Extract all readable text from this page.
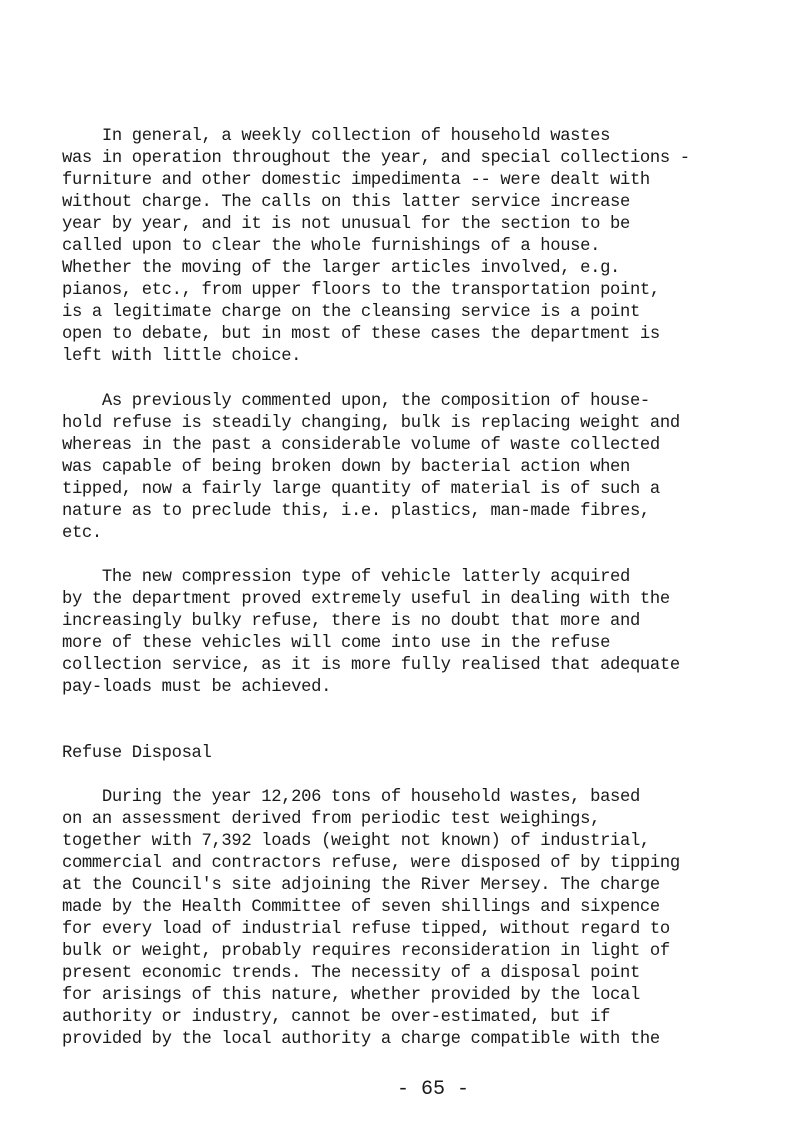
In general, a weekly collection of household wastes
was in operation throughout the year, and special collections -
furniture and other domestic impedimenta -- were dealt with
without charge. The calls on this latter service increase
year by year, and it is not unusual for the section to be
called upon to clear the whole furnishings of a house.
Whether the moving of the larger articles involved, e.g.
pianos, etc., from upper floors to the transportation point,
is a legitimate charge on the cleansing service is a point
open to debate, but in most of these cases the department is
left with little choice.
As previously commented upon, the composition of house-
hold refuse is steadily changing, bulk is replacing weight and
whereas in the past a considerable volume of waste collected
was capable of being broken down by bacterial action when
tipped, now a fairly large quantity of material is of such a
nature as to preclude this, i.e. plastics, man-made fibres,
etc.
The new compression type of vehicle latterly acquired
by the department proved extremely useful in dealing with the
increasingly bulky refuse, there is no doubt that more and
more of these vehicles will come into use in the refuse
collection service, as it is more fully realised that adequate
pay-loads must be achieved.
Refuse Disposal
During the year 12,206 tons of household wastes, based
on an assessment derived from periodic test weighings,
together with 7,392 loads (weight not known) of industrial,
commercial and contractors refuse, were disposed of by tipping
at the Council's site adjoining the River Mersey. The charge
made by the Health Committee of seven shillings and sixpence
for every load of industrial refuse tipped, without regard to
bulk or weight, probably requires reconsideration in light of
present economic trends. The necessity of a disposal point
for arisings of this nature, whether provided by the local
authority or industry, cannot be over-estimated, but if
provided by the local authority a charge compatible with the
- 65 -
